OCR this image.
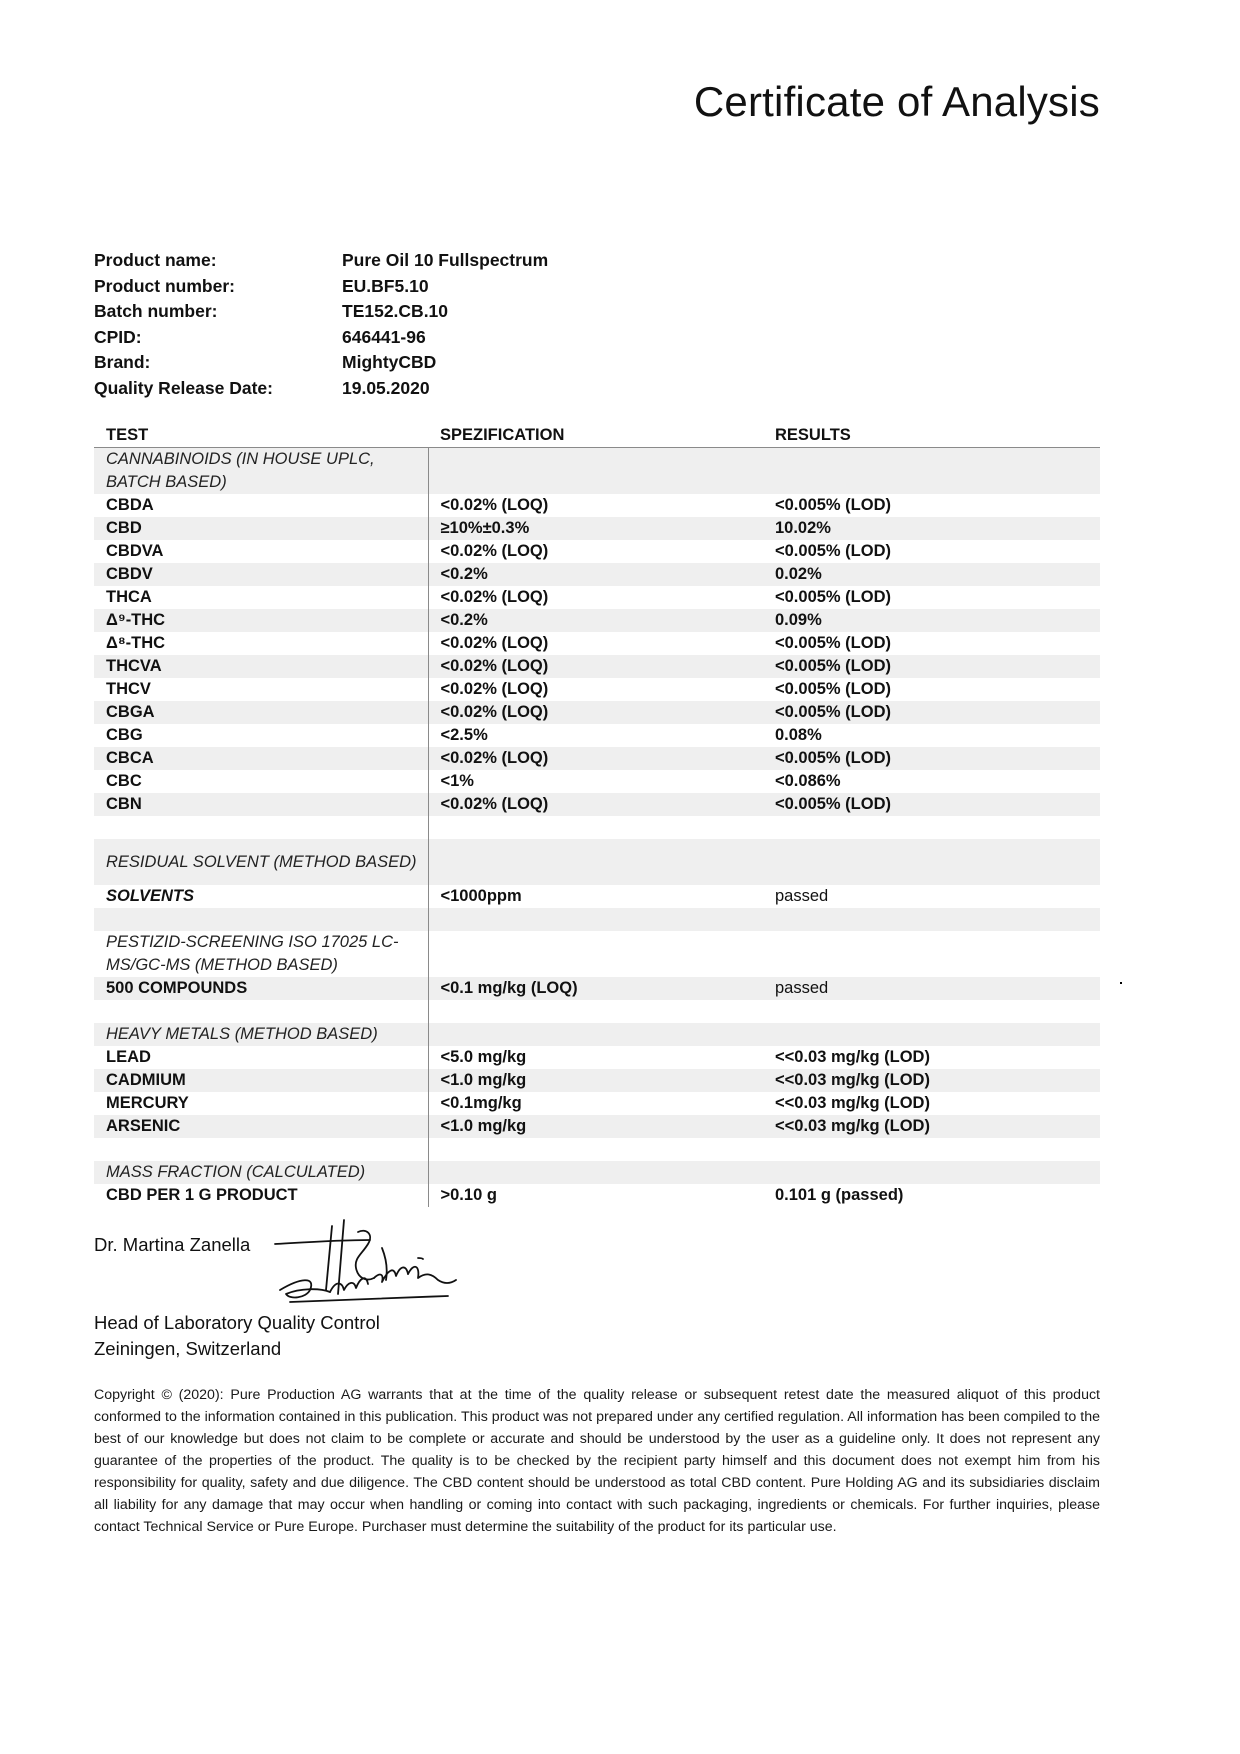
Certificate of Analysis
Product name:	Pure Oil 10 Fullspectrum
Product number:	EU.BF5.10
Batch number:	TE152.CB.10
CPID:	646441-96
Brand:	MightyCBD
Quality Release Date:	19.05.2020
TEST	SPEZIFICATION	RESULTS
CANNABINOIDS (IN HOUSE UPLC, BATCH BASED)		
CBDA	<0.02% (LOQ)	<0.005% (LOD)
CBD	≥10%±0.3%	10.02%
CBDVA	<0.02% (LOQ)	<0.005% (LOD)
CBDV	<0.2%	0.02%
THCA	<0.02% (LOQ)	<0.005% (LOD)
Δ⁹-THC	<0.2%	0.09%
Δ⁸-THC	<0.02% (LOQ)	<0.005% (LOD)
THCVA	<0.02% (LOQ)	<0.005% (LOD)
THCV	<0.02% (LOQ)	<0.005% (LOD)
CBGA	<0.02% (LOQ)	<0.005% (LOD)
CBG	<2.5%	0.08%
CBCA	<0.02% (LOQ)	<0.005% (LOD)
CBC	<1%	<0.086%
CBN	<0.02% (LOQ)	<0.005% (LOD)

RESIDUAL SOLVENT (METHOD BASED)		
SOLVENTS	<1000ppm	passed

PESTIZID-SCREENING ISO 17025 LC-MS/GC-MS (METHOD BASED)		
500 COMPOUNDS	<0.1 mg/kg (LOQ)	passed

HEAVY METALS (METHOD BASED)		
LEAD	<5.0 mg/kg	<<0.03 mg/kg (LOD)
CADMIUM	<1.0 mg/kg	<<0.03 mg/kg (LOD)
MERCURY	<0.1mg/kg	<<0.03 mg/kg (LOD)
ARSENIC	<1.0 mg/kg	<<0.03 mg/kg (LOD)

MASS FRACTION (CALCULATED)		
CBD PER 1 G PRODUCT	>0.10 g	0.101 g (passed)
Dr. Martina Zanella
Head of Laboratory Quality Control
Zeiningen, Switzerland
Copyright © (2020): Pure Production AG warrants that at the time of the quality release or subsequent retest date the measured aliquot of this product conformed to the information contained in this publication. This product was not prepared under any certified regulation. All information has been compiled to the best of our knowledge but does not claim to be complete or accurate and should be understood by the user as a guideline only. It does not represent any guarantee of the properties of the product. The quality is to be checked by the recipient party himself and this document does not exempt him from his responsibility for quality, safety and due diligence. The CBD content should be understood as total CBD content. Pure Holding AG and its subsidiaries disclaim all liability for any damage that may occur when handling or coming into contact with such packaging, ingredients or chemicals. For further inquiries, please contact Technical Service or Pure Europe. Purchaser must determine the suitability of the product for its particular use.
